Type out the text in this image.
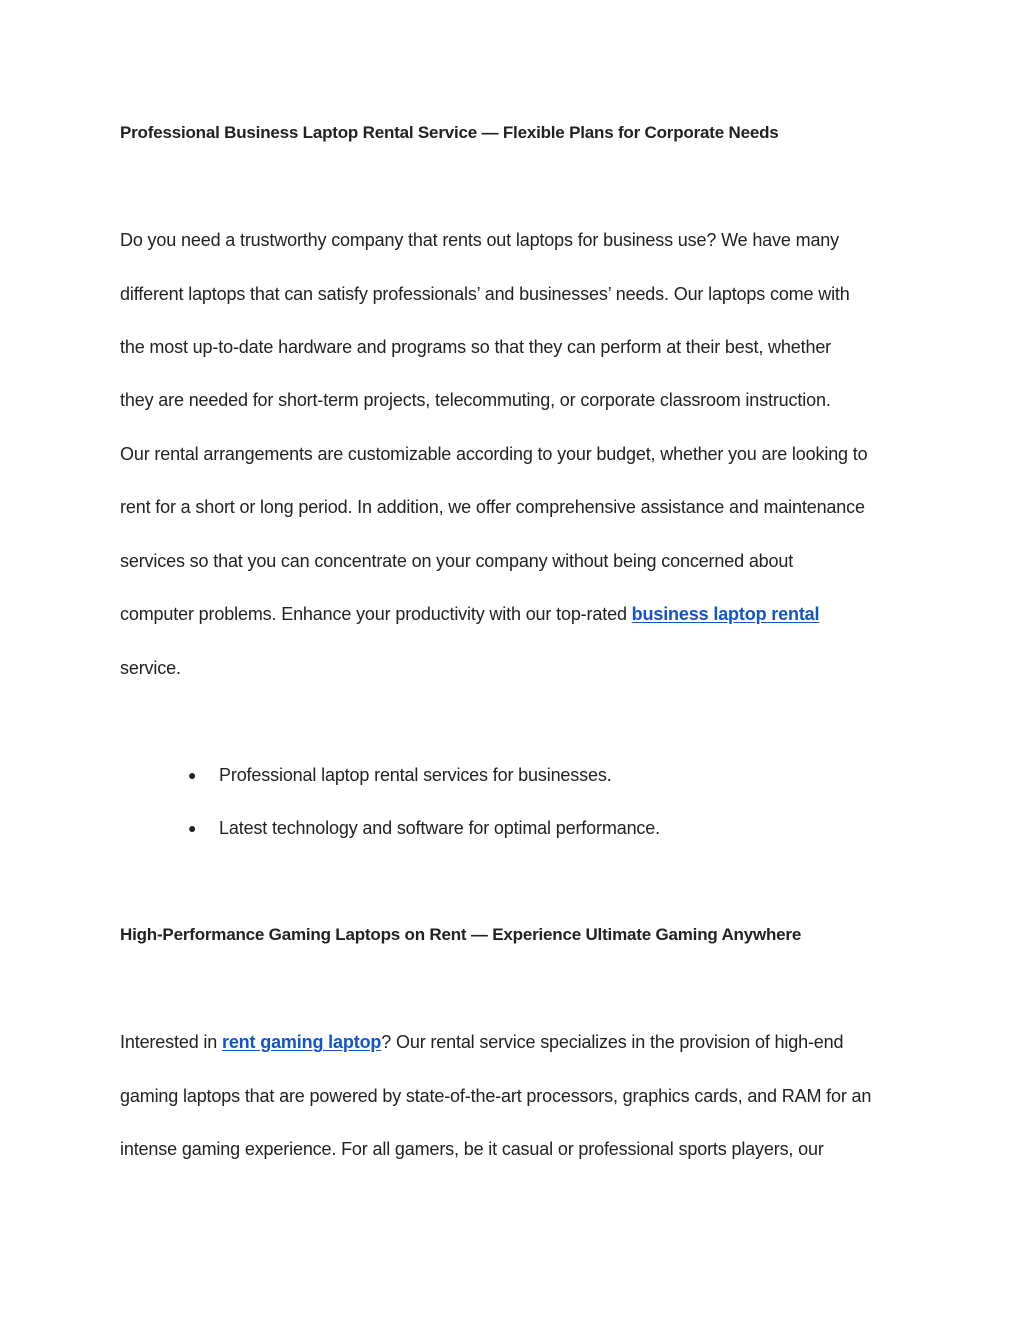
Professional Business Laptop Rental Service — Flexible Plans for Corporate Needs
Do you need a trustworthy company that rents out laptops for business use? We have many
different laptops that can satisfy professionals’ and businesses’ needs. Our laptops come with
the most up-to-date hardware and programs so that they can perform at their best, whether
they are needed for short-term projects, telecommuting, or corporate classroom instruction.
Our rental arrangements are customizable according to your budget, whether you are looking to
rent for a short or long period. In addition, we offer comprehensive assistance and maintenance
services so that you can concentrate on your company without being concerned about
computer problems. Enhance your productivity with our top-rated business laptop rental
service.
● Professional laptop rental services for businesses.
● Latest technology and software for optimal performance.
High-Performance Gaming Laptops on Rent — Experience Ultimate Gaming Anywhere
Interested in rent gaming laptop? Our rental service specializes in the provision of high-end
gaming laptops that are powered by state-of-the-art processors, graphics cards, and RAM for an
intense gaming experience. For all gamers, be it casual or professional sports players, our
